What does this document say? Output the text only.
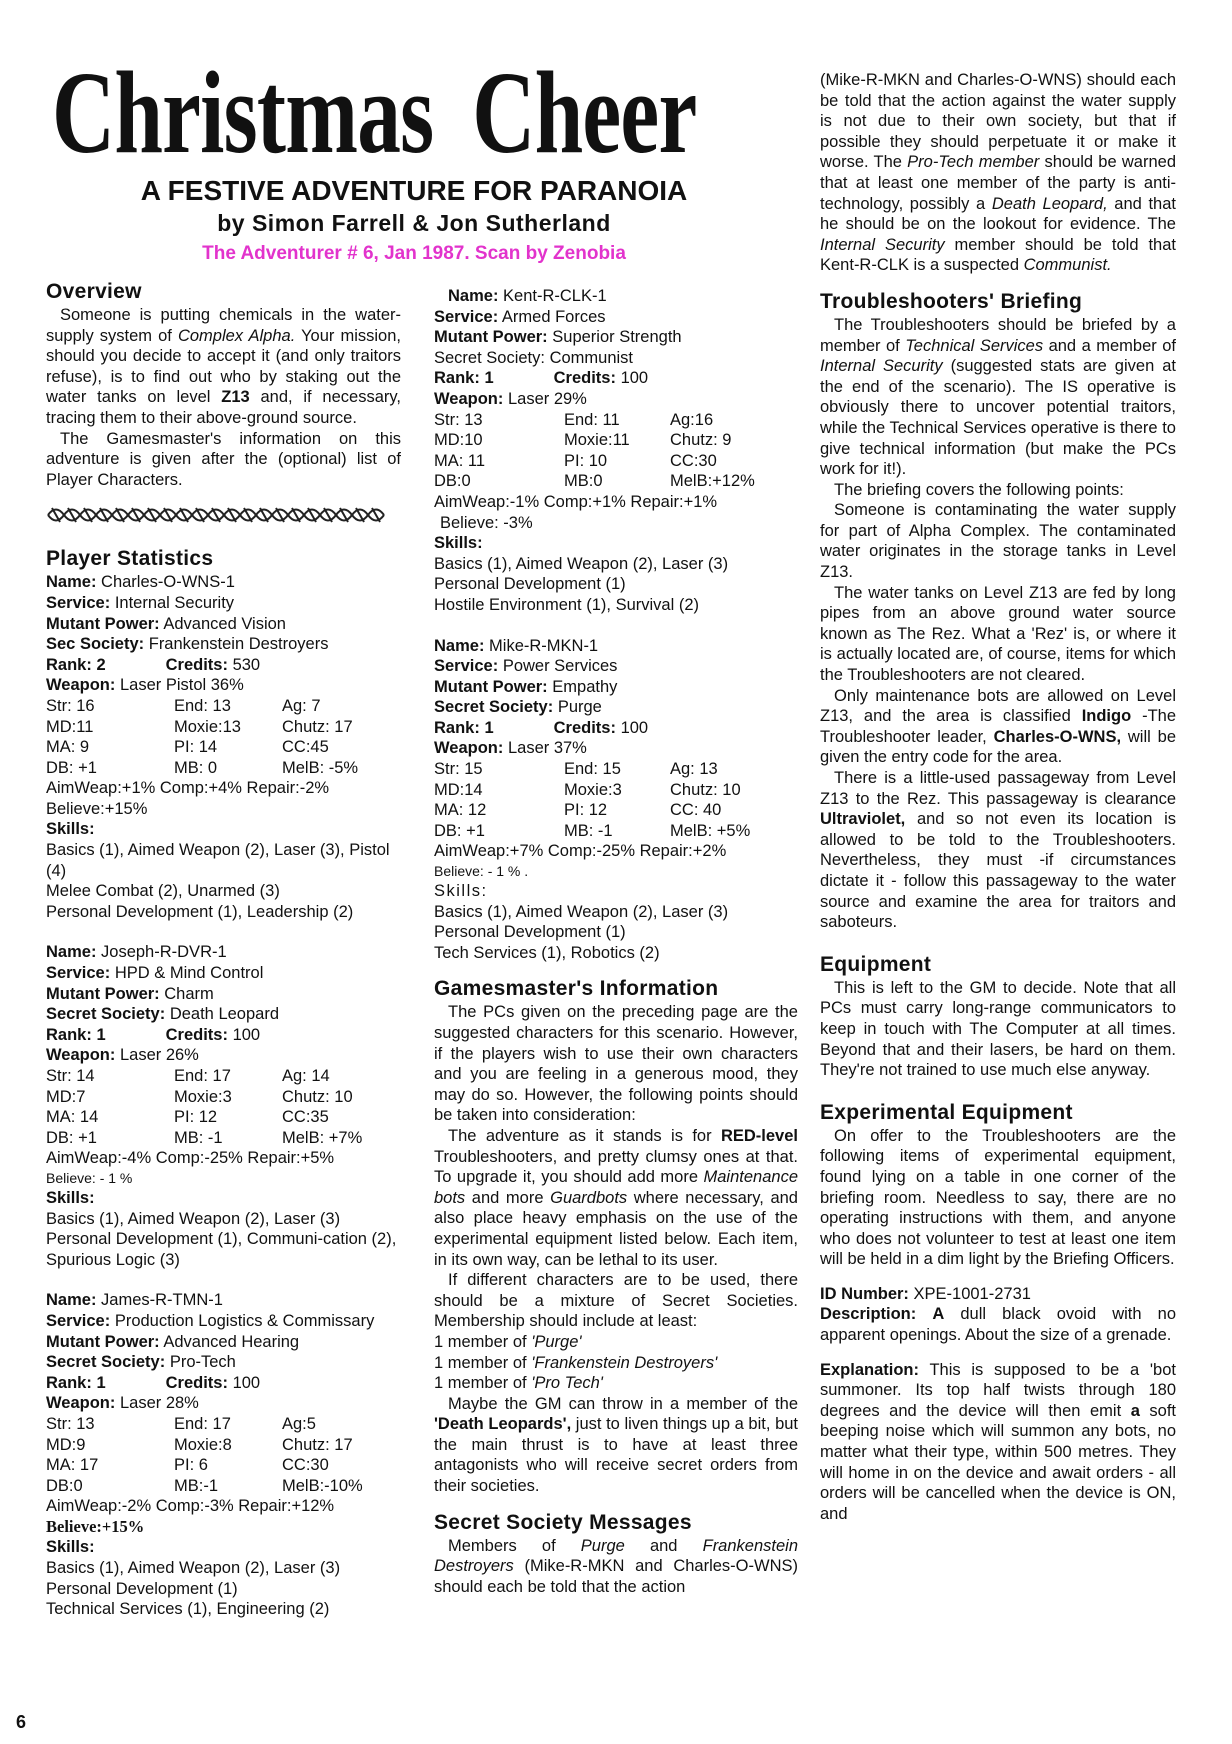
Christmas Cheer
A FESTIVE ADVENTURE FOR PARANOIA
by Simon Farrell & Jon Sutherland
The Adventurer # 6, Jan 1987. Scan by Zenobia
Overview

Someone is putting chemicals in the water-supply system of Complex Alpha. Your mission, should you decide to accept it (and only traitors refuse), is to find out who by staking out the water tanks on level Z13 and, if necessary, tracing them to their above-ground source.

The Gamesmaster's information on this adventure is given after the (optional) list of Player Characters.

Player Statistics
Name: Charles-O-WNS-1
Service: Internal Security
Mutant Power: Advanced Vision
Sec Society: Frankenstein Destroyers
Rank: 2	Credits: 530
Weapon: Laser Pistol 36%
Str: 16	End: 13	Ag: 7
MD:11	Moxie:13	Chutz: 17
MA: 9	PI: 14	CC:45
DB: +1	MB: 0	MelB: -5%
AimWeap:+1% Comp:+4% Repair:-2%
Believe:+15%
Skills:
Basics (1), Aimed Weapon (2), Laser (3), Pistol (4)
Melee Combat (2), Unarmed (3)
Personal Development (1), Leadership (2)
Name: Joseph-R-DVR-1
Service: HPD & Mind Control
Mutant Power: Charm
Secret Society: Death Leopard
Rank: 1	Credits: 100
Weapon: Laser 26%
Str: 14	End: 17	Ag: 14
MD:7	Moxie:3	Chutz: 10
MA: 14	PI: 12	CC:35
DB: +1	MB: -1	MelB: +7%
AimWeap:-4% Comp:-25% Repair:+5%
Believe: - 1 %
Skills:
Basics (1), Aimed Weapon (2), Laser (3)
Personal Development (1), Communi-cation (2), Spurious Logic (3)
Name: James-R-TMN-1
Service: Production Logistics & Commissary
Mutant Power: Advanced Hearing
Secret Society: Pro-Tech
Rank: 1	Credits: 100
Weapon: Laser 28%
Str: 13	End: 17	Ag:5
MD:9	Moxie:8	Chutz: 17
MA: 17	PI: 6	CC:30
DB:0	MB:-1	MelB:-10%
AimWeap:-2% Comp:-3% Repair:+12%
Believe:+15%
Skills:
Basics (1), Aimed Weapon (2), Laser (3)
Personal Development (1)
Technical Services (1), Engineering (2)
Name: Kent-R-CLK-1
Service: Armed Forces
Mutant Power: Superior Strength
Secret Society: Communist
Rank: 1	Credits: 100
Weapon: Laser 29%
Str: 13	End: 11	Ag:16
MD:10	Moxie:11	Chutz: 9
MA: 11	PI: 10	CC:30
DB:0	MB:0	MelB:+12%
AimWeap:-1% Comp:+1% Repair:+1%
Believe: -3%
Skills:
Basics (1), Aimed Weapon (2), Laser (3)
Personal Development (1)
Hostile Environment (1), Survival (2)
Name: Mike-R-MKN-1
Service: Power Services
Mutant Power: Empathy
Secret Society: Purge
Rank: 1	Credits: 100
Weapon: Laser 37%
Str: 15	End: 15	Ag: 13
MD:14	Moxie:3	Chutz: 10
MA: 12	PI: 12	CC: 40
DB: +1	MB: -1	MelB: +5%
AimWeap:+7% Comp:-25% Repair:+2%
Believe: - 1 % .
Skills:
Basics (1), Aimed Weapon (2), Laser (3)
Personal Development (1)
Tech Services (1), Robotics (2)
Gamesmaster's Information

The PCs given on the preceding page are the suggested characters for this scenario. However, if the players wish to use their own characters and you are feeling in a generous mood, they may do so. However, the following points should be taken into consideration:

The adventure as it stands is for RED-level Troubleshooters, and pretty clumsy ones at that. To upgrade it, you should add more Maintenance bots and more Guardbots where necessary, and also place heavy emphasis on the use of the experimental equipment listed below. Each item, in its own way, can be lethal to its user.

If different characters are to be used, there should be a mixture of Secret Societies. Membership should include at least:

1 member of 'Purge'
1 member of 'Frankenstein Destroyers'
1 member of 'Pro Tech'

Maybe the GM can throw in a member of the 'Death Leopards', just to liven things up a bit, but the main thrust is to have at least three antagonists who will receive secret orders from their societies.

Secret Society Messages

Members of Purge and Frankenstein Destroyers (Mike-R-MKN and Charles-O-WNS) should each be told that the action

(Mike-R-MKN and Charles-O-WNS) should each be told that the action against the water supply is not due to their own society, but that if possible they should perpetuate it or make it worse. The Pro-Tech member should be warned that at least one member of the party is anti-technology, possibly a Death Leopard, and that he should be on the lookout for evidence. The Internal Security member should be told that Kent-R-CLK is a suspected Communist.

Troubleshooters' Briefing

The Troubleshooters should be briefed by a member of Technical Services and a member of Internal Security (suggested stats are given at the end of the scenario). The IS operative is obviously there to uncover potential traitors, while the Technical Services operative is there to give technical information (but make the PCs work for it!).

The briefing covers the following points:

Someone is contaminating the water supply for part of Alpha Complex. The contaminated water originates in the storage tanks in Level Z13.

The water tanks on Level Z13 are fed by long pipes from an above ground water source known as The Rez. What a 'Rez' is, or where it is actually located are, of course, items for which the Troubleshooters are not cleared.

Only maintenance bots are allowed on Level Z13, and the area is classified Indigo -The Troubleshooter leader, Charles-O-WNS, will be given the entry code for the area.

There is a little-used passageway from Level Z13 to the Rez. This passageway is clearance Ultraviolet, and so not even its location is allowed to be told to the Troubleshooters. Nevertheless, they must -if circumstances dictate it - follow this passageway to the water source and examine the area for traitors and saboteurs.

Equipment

This is left to the GM to decide. Note that all PCs must carry long-range communicators to keep in touch with The Computer at all times. Beyond that and their lasers, be hard on them. They're not trained to use much else anyway.

Experimental Equipment

On offer to the Troubleshooters are the following items of experimental equipment, found lying on a table in one corner of the briefing room. Needless to say, there are no operating instructions with them, and anyone who does not volunteer to test at least one item will be held in a dim light by the Briefing Officers.

ID Number: XPE-1001-2731

Description: A dull black ovoid with no apparent openings. About the size of a grenade.

Explanation: This is supposed to be a 'bot summoner. Its top half twists through 180 degrees and the device will then emit a soft beeping noise which will summon any bots, no matter what their type, within 500 metres. They will home in on the device and await orders - all orders will be cancelled when the device is ON, and

6
